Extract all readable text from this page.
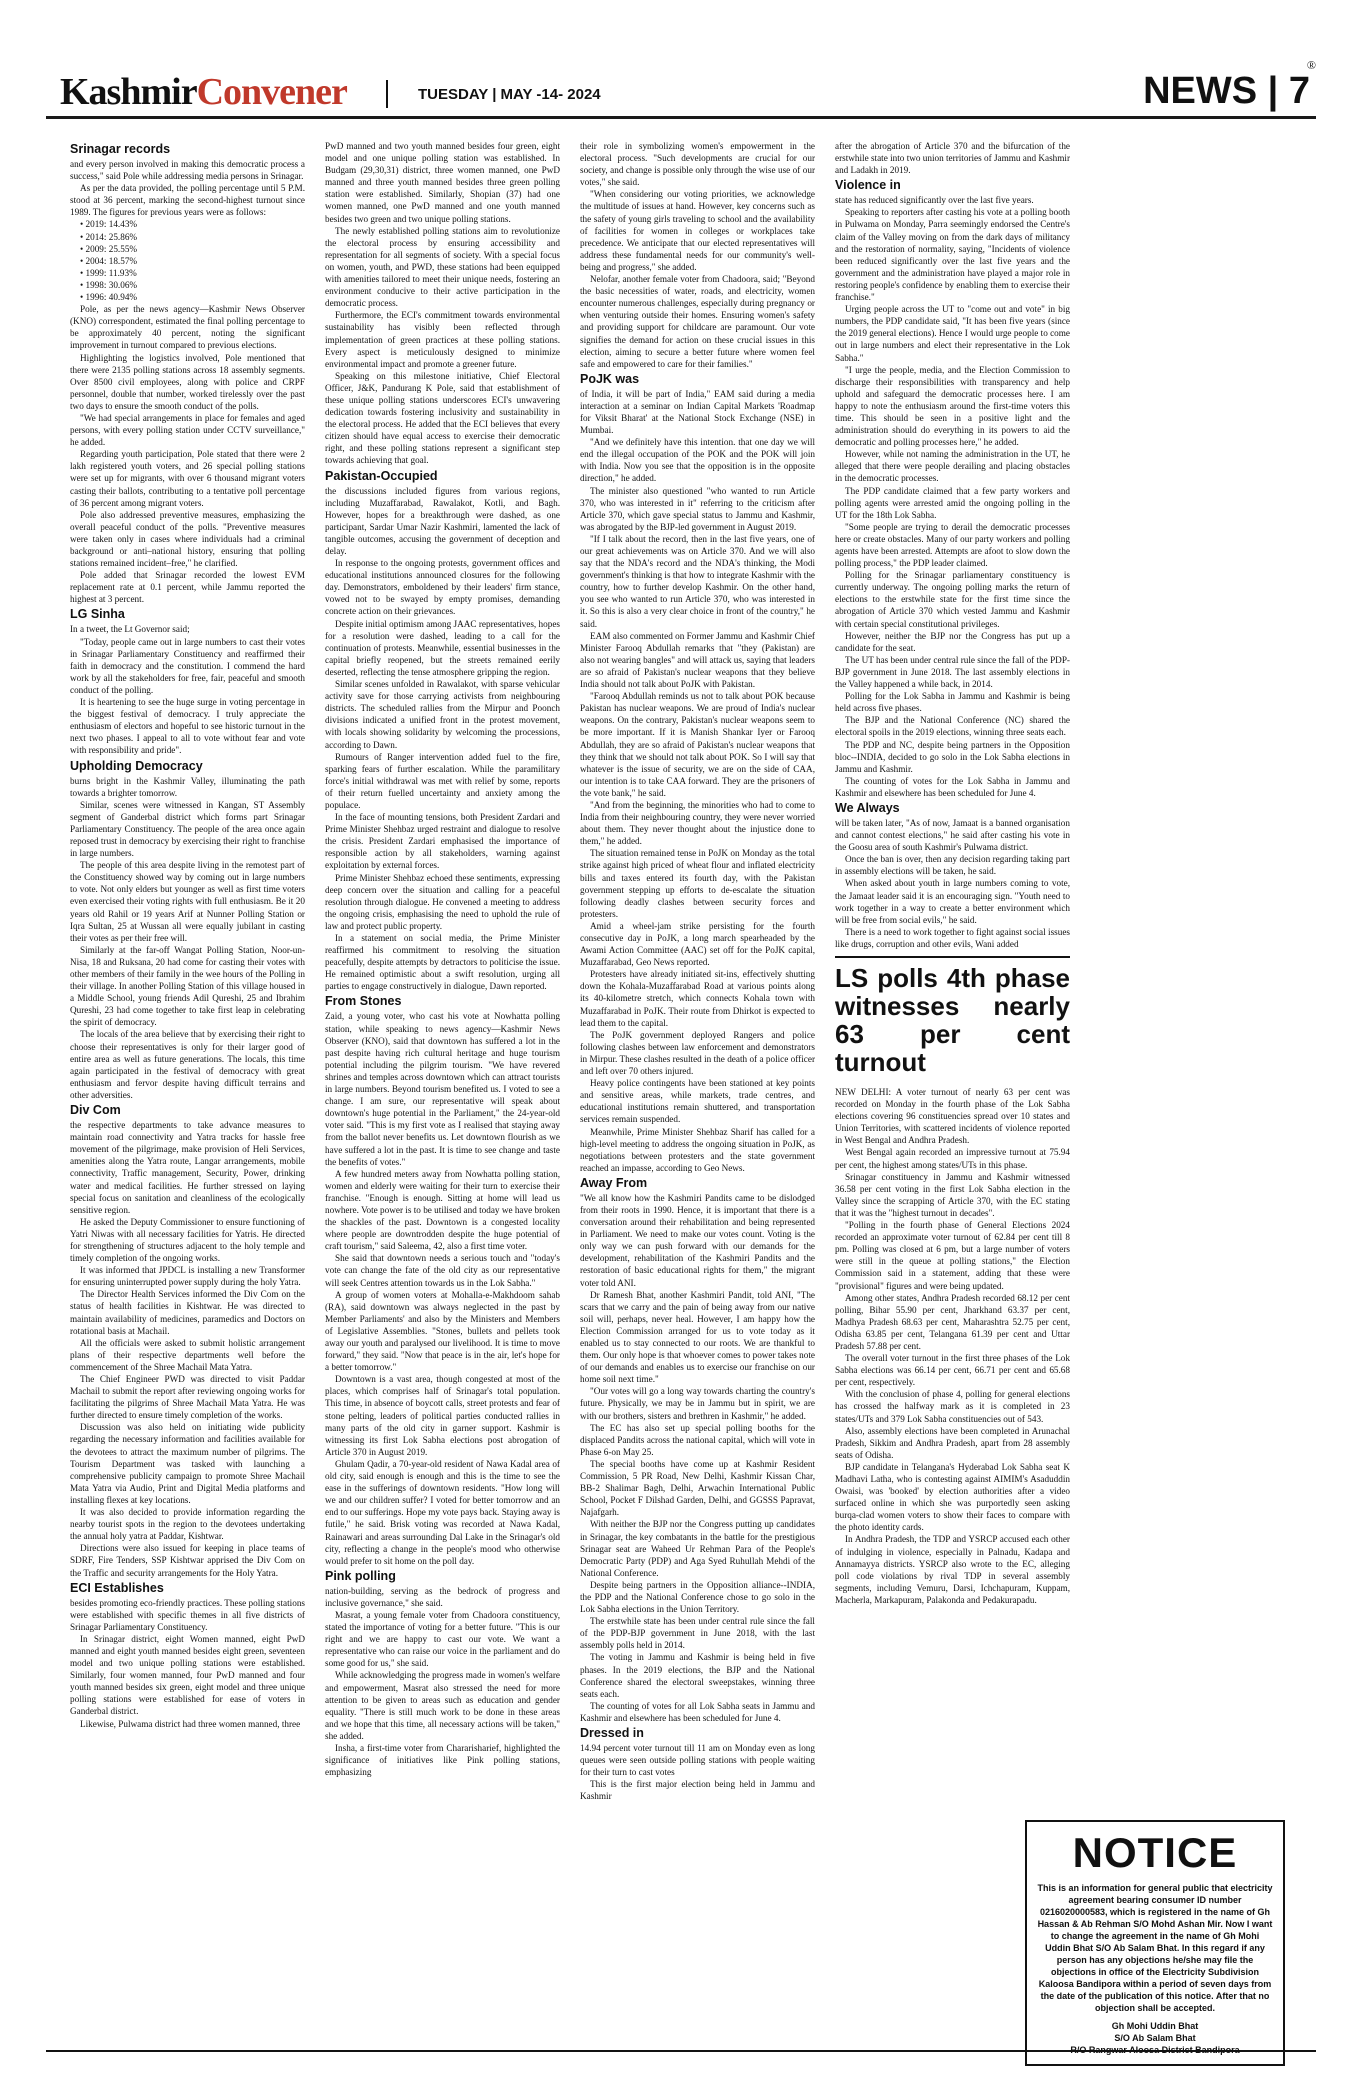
KashmirConvener	TUESDAY | MAY -14- 2024	NEWS | 7
®
Srinagar records

and every person involved in making this democratic process a success," said Pole while addressing media persons in Srinagar.

As per the data provided, the polling percentage until 5 P.M. stood at 36 percent, marking the second-highest turnout since 1989. The figures for previous years were as follows:

• 2019: 14.43%

• 2014: 25.86%

• 2009: 25.55%

• 2004: 18.57%

• 1999: 11.93%

• 1998: 30.06%

• 1996: 40.94%

Pole, as per the news agency—Kashmir News Observer (KNO) correspondent, estimated the final polling percentage to be approximately 40 percent, noting the significant improvement in turnout compared to previous elections.

Highlighting the logistics involved, Pole mentioned that there were 2135 polling stations across 18 assembly segments. Over 8500 civil employees, along with police and CRPF personnel, double that number, worked tirelessly over the past two days to ensure the smooth conduct of the polls.

"We had special arrangements in place for females and aged persons, with every polling station under CCTV surveillance," he added.

Regarding youth participation, Pole stated that there were 2 lakh registered youth voters, and 26 special polling stations were set up for migrants, with over 6 thousand migrant voters casting their ballots, contributing to a tentative poll percentage of 36 percent among migrant voters.

Pole also addressed preventive measures, emphasizing the overall peaceful conduct of the polls. "Preventive measures were taken only in cases where individuals had a criminal background or anti–national history, ensuring that polling stations remained incident–free," he clarified.

Pole added that Srinagar recorded the lowest EVM replacement rate at 0.1 percent, while Jammu reported the highest at 3 percent.

LG Sinha

In a tweet, the Lt Governor said;

"Today, people came out in large numbers to cast their votes in Srinagar Parliamentary Constituency and reaffirmed their faith in democracy and the constitution. I commend the hard work by all the stakeholders for free, fair, peaceful and smooth conduct of the polling.

It is heartening to see the huge surge in voting percentage in the biggest festival of democracy. I truly appreciate the enthusiasm of electors and hopeful to see historic turnout in the next two phases. I appeal to all to vote without fear and vote with responsibility and pride".

Upholding Democracy

burns bright in the Kashmir Valley, illuminating the path towards a brighter tomorrow.

Similar, scenes were witnessed in Kangan, ST Assembly segment of Ganderbal district which forms part Srinagar Parliamentary Constituency. The people of the area once again reposed trust in democracy by exercising their right to franchise in large numbers.

The people of this area despite living in the remotest part of the Constituency showed way by coming out in large numbers to vote. Not only elders but younger as well as first time voters even exercised their voting rights with full enthusiasm. Be it 20 years old Rahil or 19 years Arif at Nunner Polling Station or Iqra Sultan, 25 at Wussan all were equally jubilant in casting their votes as per their free will.

Similarly at the far-off Wangat Polling Station, Noor-un-Nisa, 18 and Ruksana, 20 had come for casting their votes with other members of their family in the wee hours of the Polling in their village. In another Polling Station of this village housed in a Middle School, young friends Adil Qureshi, 25 and Ibrahim Qureshi, 23 had come together to take first leap in celebrating the spirit of democracy.

The locals of the area believe that by exercising their right to choose their representatives is only for their larger good of entire area as well as future generations. The locals, this time again participated in the festival of democracy with great enthusiasm and fervor despite having difficult terrains and other adversities.

Div Com

the respective departments to take advance measures to maintain road connectivity and Yatra tracks for hassle free movement of the pilgrimage, make provision of Heli Services, amenities along the Yatra route, Langar arrangements, mobile connectivity, Traffic management, Security, Power, drinking water and medical facilities. He further stressed on laying special focus on sanitation and cleanliness of the ecologically sensitive region.

He asked the Deputy Commissioner to ensure functioning of Yatri Niwas with all necessary facilities for Yatris. He directed for strengthening of structures adjacent to the holy temple and timely completion of the ongoing works.

It was informed that JPDCL is installing a new Transformer for ensuring uninterrupted power supply during the holy Yatra.

The Director Health Services informed the Div Com on the status of health facilities in Kishtwar. He was directed to maintain availability of medicines, paramedics and Doctors on rotational basis at Machail.

All the officials were asked to submit holistic arrangement plans of their respective departments well before the commencement of the Shree Machail Mata Yatra.

The Chief Engineer PWD was directed to visit Paddar Machail to submit the report after reviewing ongoing works for facilitating the pilgrims of Shree Machail Mata Yatra. He was further directed to ensure timely completion of the works.

Discussion was also held on initiating wide publicity regarding the necessary information and facilities available for the devotees to attract the maximum number of pilgrims. The Tourism Department was tasked with launching a comprehensive publicity campaign to promote Shree Machail Mata Yatra via Audio, Print and Digital Media platforms and installing flexes at key locations.

It was also decided to provide information regarding the nearby tourist spots in the region to the devotees undertaking the annual holy yatra at Paddar, Kishtwar.

Directions were also issued for keeping in place teams of SDRF, Fire Tenders, SSP Kishtwar apprised the Div Com on the Traffic and security arrangements for the Holy Yatra.

ECI Establishes

besides promoting eco-friendly practices. These polling stations were established with specific themes in all five districts of Srinagar Parliamentary Constituency.

In Srinagar district, eight Women manned, eight PwD manned and eight youth manned besides eight green, seventeen model and two unique polling stations were established. Similarly, four women manned, four PwD manned and four youth manned besides six green, eight model and three unique polling stations were established for ease of voters in Ganderbal district.

Likewise, Pulwama district had three women manned, three

PwD manned and two youth manned besides four green, eight model and one unique polling station was established. In Budgam (29,30,31) district, three women manned, one PwD manned and three youth manned besides three green polling station were established. Similarly, Shopian (37) had one women manned, one PwD manned and one youth manned besides two green and two unique polling stations.

The newly established polling stations aim to revolutionize the electoral process by ensuring accessibility and representation for all segments of society. With a special focus on women, youth, and PWD, these stations had been equipped with amenities tailored to meet their unique needs, fostering an environment conducive to their active participation in the democratic process.

Furthermore, the ECI's commitment towards environmental sustainability has visibly been reflected through implementation of green practices at these polling stations. Every aspect is meticulously designed to minimize environmental impact and promote a greener future.

Speaking on this milestone initiative, Chief Electoral Officer, J&K, Pandurang K Pole, said that establishment of these unique polling stations underscores ECI's unwavering dedication towards fostering inclusivity and sustainability in the electoral process. He added that the ECI believes that every citizen should have equal access to exercise their democratic right, and these polling stations represent a significant step towards achieving that goal.

Pakistan-Occupied

the discussions included figures from various regions, including Muzaffarabad, Rawalakot, Kotli, and Bagh. However, hopes for a breakthrough were dashed, as one participant, Sardar Umar Nazir Kashmiri, lamented the lack of tangible outcomes, accusing the government of deception and delay.

In response to the ongoing protests, government offices and educational institutions announced closures for the following day. Demonstrators, emboldened by their leaders' firm stance, vowed not to be swayed by empty promises, demanding concrete action on their grievances.

Despite initial optimism among JAAC representatives, hopes for a resolution were dashed, leading to a call for the continuation of protests. Meanwhile, essential businesses in the capital briefly reopened, but the streets remained eerily deserted, reflecting the tense atmosphere gripping the region.

Similar scenes unfolded in Rawalakot, with sparse vehicular activity save for those carrying activists from neighbouring districts. The scheduled rallies from the Mirpur and Poonch divisions indicated a unified front in the protest movement, with locals showing solidarity by welcoming the processions, according to Dawn.

Rumours of Ranger intervention added fuel to the fire, sparking fears of further escalation. While the paramilitary force's initial withdrawal was met with relief by some, reports of their return fuelled uncertainty and anxiety among the populace.

In the face of mounting tensions, both President Zardari and Prime Minister Shehbaz urged restraint and dialogue to resolve the crisis. President Zardari emphasised the importance of responsible action by all stakeholders, warning against exploitation by external forces.

Prime Minister Shehbaz echoed these sentiments, expressing deep concern over the situation and calling for a peaceful resolution through dialogue. He convened a meeting to address the ongoing crisis, emphasising the need to uphold the rule of law and protect public property.

In a statement on social media, the Prime Minister reaffirmed his commitment to resolving the situation peacefully, despite attempts by detractors to politicise the issue. He remained optimistic about a swift resolution, urging all parties to engage constructively in dialogue, Dawn reported.

From Stones

Zaid, a young voter, who cast his vote at Nowhatta polling station, while speaking to news agency—Kashmir News Observer (KNO), said that downtown has suffered a lot in the past despite having rich cultural heritage and huge tourism potential including the pilgrim tourism. "We have revered shrines and temples across downtown which can attract tourists in large numbers. Beyond tourism benefited us. I voted to see a change. I am sure, our representative will speak about downtown's huge potential in the Parliament," the 24-year-old voter said. "This is my first vote as I realised that staying away from the ballot never benefits us. Let downtown flourish as we have suffered a lot in the past. It is time to see change and taste the benefits of votes."

A few hundred meters away from Nowhatta polling station, women and elderly were waiting for their turn to exercise their franchise. "Enough is enough. Sitting at home will lead us nowhere. Vote power is to be utilised and today we have broken the shackles of the past. Downtown is a congested locality where people are downtrodden despite the huge potential of craft tourism," said Saleema, 42, also a first time voter.

She said that downtown needs a serious touch and "today's vote can change the fate of the old city as our representative will seek Centres attention towards us in the Lok Sabha."

A group of women voters at Mohalla-e-Makhdoom sahab (RA), said downtown was always neglected in the past by Member Parliaments' and also by the Ministers and Members of Legislative Assemblies. "Stones, bullets and pellets took away our youth and paralysed our livelihood. It is time to move forward," they said. "Now that peace is in the air, let's hope for a better tomorrow."

Downtown is a vast area, though congested at most of the places, which comprises half of Srinagar's total population. This time, in absence of boycott calls, street protests and fear of stone pelting, leaders of political parties conducted rallies in many parts of the old city in garner support. Kashmir is witnessing its first Lok Sabha elections post abrogation of Article 370 in August 2019.

Ghulam Qadir, a 70-year-old resident of Nawa Kadal area of old city, said enough is enough and this is the time to see the ease in the sufferings of downtown residents. "How long will we and our children suffer? I voted for better tomorrow and an end to our sufferings. Hope my vote pays back. Staying away is futile," he said. Brisk voting was recorded at Nawa Kadal, Rainawari and areas surrounding Dal Lake in the Srinagar's old city, reflecting a change in the people's mood who otherwise would prefer to sit home on the poll day.

Pink polling

nation-building, serving as the bedrock of progress and inclusive governance," she said.

Masrat, a young female voter from Chadoora constituency, stated the importance of voting for a better future. "This is our right and we are happy to cast our vote. We want a representative who can raise our voice in the parliament and do some good for us," she said.

While acknowledging the progress made in women's welfare and empowerment, Masrat also stressed the need for more attention to be given to areas such as education and gender equality. "There is still much work to be done in these areas and we hope that this time, all necessary actions will be taken," she added.

Insha, a first-time voter from Chararisharief, highlighted the significance of initiatives like Pink polling stations, emphasizing

their role in symbolizing women's empowerment in the electoral process. "Such developments are crucial for our society, and change is possible only through the wise use of our votes," she said.

"When considering our voting priorities, we acknowledge the multitude of issues at hand. However, key concerns such as the safety of young girls traveling to school and the availability of facilities for women in colleges or workplaces take precedence. We anticipate that our elected representatives will address these fundamental needs for our community's well-being and progress," she added.

Nelofar, another female voter from Chadoora, said; "Beyond the basic necessities of water, roads, and electricity, women encounter numerous challenges, especially during pregnancy or when venturing outside their homes. Ensuring women's safety and providing support for childcare are paramount. Our vote signifies the demand for action on these crucial issues in this election, aiming to secure a better future where women feel safe and empowered to care for their families."

PoJK was

of India, it will be part of India," EAM said during a media interaction at a seminar on Indian Capital Markets 'Roadmap for Viksit Bharat' at the National Stock Exchange (NSE) in Mumbai.

"And we definitely have this intention. that one day we will end the illegal occupation of the POK and the POK will join with India. Now you see that the opposition is in the opposite direction," he added.

The minister also questioned "who wanted to run Article 370, who was interested in it" referring to the criticism after Article 370, which gave special status to Jammu and Kashmir, was abrogated by the BJP-led government in August 2019.

"If I talk about the record, then in the last five years, one of our great achievements was on Article 370. And we will also say that the NDA's record and the NDA's thinking, the Modi government's thinking is that how to integrate Kashmir with the country, how to further develop Kashmir. On the other hand, you see who wanted to run Article 370, who was interested in it. So this is also a very clear choice in front of the country," he said.

EAM also commented on Former Jammu and Kashmir Chief Minister Farooq Abdullah remarks that "they (Pakistan) are also not wearing bangles" and will attack us, saying that leaders are so afraid of Pakistan's nuclear weapons that they believe India should not talk about PoJK with Pakistan.

"Farooq Abdullah reminds us not to talk about POK because Pakistan has nuclear weapons. We are proud of India's nuclear weapons. On the contrary, Pakistan's nuclear weapons seem to be more important. If it is Manish Shankar Iyer or Farooq Abdullah, they are so afraid of Pakistan's nuclear weapons that they think that we should not talk about POK. So I will say that whatever is the issue of security, we are on the side of CAA, our intention is to take CAA forward. They are the prisoners of the vote bank," he said.

"And from the beginning, the minorities who had to come to India from their neighbouring country, they were never worried about them. They never thought about the injustice done to them," he added.

The situation remained tense in PoJK on Monday as the total strike against high priced of wheat flour and inflated electricity bills and taxes entered its fourth day, with the Pakistan government stepping up efforts to de-escalate the situation following deadly clashes between security forces and protesters.

Amid a wheel-jam strike persisting for the fourth consecutive day in PoJK, a long march spearheaded by the Awami Action Committee (AAC) set off for the PoJK capital, Muzaffarabad, Geo News reported.

Protesters have already initiated sit-ins, effectively shutting down the Kohala-Muzaffarabad Road at various points along its 40-kilometre stretch, which connects Kohala town with Muzaffarabad in PoJK. Their route from Dhirkot is expected to lead them to the capital.

The PoJK government deployed Rangers and police following clashes between law enforcement and demonstrators in Mirpur. These clashes resulted in the death of a police officer and left over 70 others injured.

Heavy police contingents have been stationed at key points and sensitive areas, while markets, trade centres, and educational institutions remain shuttered, and transportation services remain suspended.

Meanwhile, Prime Minister Shehbaz Sharif has called for a high-level meeting to address the ongoing situation in PoJK, as negotiations between protesters and the state government reached an impasse, according to Geo News.

Away From

"We all know how the Kashmiri Pandits came to be dislodged from their roots in 1990. Hence, it is important that there is a conversation around their rehabilitation and being represented in Parliament. We need to make our votes count. Voting is the only way we can push forward with our demands for the development, rehabilitation of the Kashmiri Pandits and the restoration of basic educational rights for them," the migrant voter told ANI.

Dr Ramesh Bhat, another Kashmiri Pandit, told ANI, "The scars that we carry and the pain of being away from our native soil will, perhaps, never heal. However, I am happy how the Election Commission arranged for us to vote today as it enabled us to stay connected to our roots. We are thankful to them. Our only hope is that whoever comes to power takes note of our demands and enables us to exercise our franchise on our home soil next time."

"Our votes will go a long way towards charting the country's future. Physically, we may be in Jammu but in spirit, we are with our brothers, sisters and brethren in Kashmir," he added.

The EC has also set up special polling booths for the displaced Pandits across the national capital, which will vote in Phase 6-on May 25.

The special booths have come up at Kashmir Resident Commission, 5 PR Road, New Delhi, Kashmir Kissan Char, BB-2 Shalimar Bagh, Delhi, Arwachin International Public School, Pocket F Dilshad Garden, Delhi, and GGSSS Papravat, Najafgarh.

With neither the BJP nor the Congress putting up candidates in Srinagar, the key combatants in the battle for the prestigious Srinagar seat are Waheed Ur Rehman Para of the People's Democratic Party (PDP) and Aga Syed Ruhullah Mehdi of the National Conference.

Despite being partners in the Opposition alliance--INDIA, the PDP and the National Conference chose to go solo in the Lok Sabha elections in the Union Territory.

The erstwhile state has been under central rule since the fall of the PDP-BJP government in June 2018, with the last assembly polls held in 2014.

The voting in Jammu and Kashmir is being held in five phases. In the 2019 elections, the BJP and the National Conference shared the electoral sweepstakes, winning three seats each.

The counting of votes for all Lok Sabha seats in Jammu and Kashmir and elsewhere has been scheduled for June 4.

Dressed in

14.94 percent voter turnout till 11 am on Monday even as long queues were seen outside polling stations with people waiting for their turn to cast votes

This is the first major election being held in Jammu and Kashmir

after the abrogation of Article 370 and the bifurcation of the erstwhile state into two union territories of Jammu and Kashmir and Ladakh in 2019.

Violence in

state has reduced significantly over the last five years.

Speaking to reporters after casting his vote at a polling booth in Pulwama on Monday, Parra seemingly endorsed the Centre's claim of the Valley moving on from the dark days of militancy and the restoration of normality, saying, "Incidents of violence been reduced significantly over the last five years and the government and the administration have played a major role in restoring people's confidence by enabling them to exercise their franchise."

Urging people across the UT to "come out and vote" in big numbers, the PDP candidate said, "It has been five years (since the 2019 general elections). Hence I would urge people to come out in large numbers and elect their representative in the Lok Sabha."

"I urge the people, media, and the Election Commission to discharge their responsibilities with transparency and help uphold and safeguard the democratic processes here. I am happy to note the enthusiasm around the first-time voters this time. This should be seen in a positive light and the administration should do everything in its powers to aid the democratic and polling processes here," he added.

However, while not naming the administration in the UT, he alleged that there were people derailing and placing obstacles in the democratic processes.

The PDP candidate claimed that a few party workers and polling agents were arrested amid the ongoing polling in the UT for the 18th Lok Sabha.

"Some people are trying to derail the democratic processes here or create obstacles. Many of our party workers and polling agents have been arrested. Attempts are afoot to slow down the polling process," the PDP leader claimed.

Polling for the Srinagar parliamentary constituency is currently underway. The ongoing polling marks the return of elections to the erstwhile state for the first time since the abrogation of Article 370 which vested Jammu and Kashmir with certain special constitutional privileges.

However, neither the BJP nor the Congress has put up a candidate for the seat.

The UT has been under central rule since the fall of the PDP-BJP government in June 2018. The last assembly elections in the Valley happened a while back, in 2014.

Polling for the Lok Sabha in Jammu and Kashmir is being held across five phases.

The BJP and the National Conference (NC) shared the electoral spoils in the 2019 elections, winning three seats each.

The PDP and NC, despite being partners in the Opposition bloc--INDIA, decided to go solo in the Lok Sabha elections in Jammu and Kashmir.

The counting of votes for the Lok Sabha in Jammu and Kashmir and elsewhere has been scheduled for June 4.

We Always

will be taken later, "As of now, Jamaat is a banned organisation and cannot contest elections," he said after casting his vote in the Goosu area of south Kashmir's Pulwama district.

Once the ban is over, then any decision regarding taking part in assembly elections will be taken, he said.

When asked about youth in large numbers coming to vote, the Jamaat leader said it is an encouraging sign. "Youth need to work together in a way to create a better environment which will be free from social evils," he said.

There is a need to work together to fight against social issues like drugs, corruption and other evils, Wani added

LS polls 4th phase witnesses nearly 63 per cent turnout

NEW DELHI: A voter turnout of nearly 63 per cent was recorded on Monday in the fourth phase of the Lok Sabha elections covering 96 constituencies spread over 10 states and Union Territories, with scattered incidents of violence reported in West Bengal and Andhra Pradesh.

West Bengal again recorded an impressive turnout at 75.94 per cent, the highest among states/UTs in this phase.

Srinagar constituency in Jammu and Kashmir witnessed 36.58 per cent voting in the first Lok Sabha election in the Valley since the scrapping of Article 370, with the EC stating that it was the "highest turnout in decades".

"Polling in the fourth phase of General Elections 2024 recorded an approximate voter turnout of 62.84 per cent till 8 pm. Polling was closed at 6 pm, but a large number of voters were still in the queue at polling stations," the Election Commission said in a statement, adding that these were "provisional" figures and were being updated.

Among other states, Andhra Pradesh recorded 68.12 per cent polling, Bihar 55.90 per cent, Jharkhand 63.37 per cent, Madhya Pradesh 68.63 per cent, Maharashtra 52.75 per cent, Odisha 63.85 per cent, Telangana 61.39 per cent and Uttar Pradesh 57.88 per cent.

The overall voter turnout in the first three phases of the Lok Sabha elections was 66.14 per cent, 66.71 per cent and 65.68 per cent, respectively.

With the conclusion of phase 4, polling for general elections has crossed the halfway mark as it is completed in 23 states/UTs and 379 Lok Sabha constituencies out of 543.

Also, assembly elections have been completed in Arunachal Pradesh, Sikkim and Andhra Pradesh, apart from 28 assembly seats of Odisha.

BJP candidate in Telangana's Hyderabad Lok Sabha seat K Madhavi Latha, who is contesting against AIMIM's Asaduddin Owaisi, was 'booked' by election authorities after a video surfaced online in which she was purportedly seen asking burqa-clad women voters to show their faces to compare with the photo identity cards.

In Andhra Pradesh, the TDP and YSRCP accused each other of indulging in violence, especially in Palnadu, Kadapa and Annamayya districts. YSRCP also wrote to the EC, alleging poll code violations by rival TDP in several assembly segments, including Vemuru, Darsi, Ichchapuram, Kuppam, Macherla, Markapuram, Palakonda and Pedakurapadu.

NOTICE
This is an information for general public that electricity agreement bearing consumer ID number 0216020000583, which is registered in the name of Gh Hassan & Ab Rehman S/O Mohd Ashan Mir. Now I want to change the agreement in the name of Gh Mohi Uddin Bhat S/O Ab Salam Bhat. In this regard if any person has any objections he/she may file the objections in office of the Electricity Subdivision Kaloosa Bandipora within a period of seven days from the date of the publication of this notice. After that no objection shall be accepted.
Gh Mohi Uddin Bhat
S/O Ab Salam Bhat
R/O Rangwar Aloosa District Bandipora
